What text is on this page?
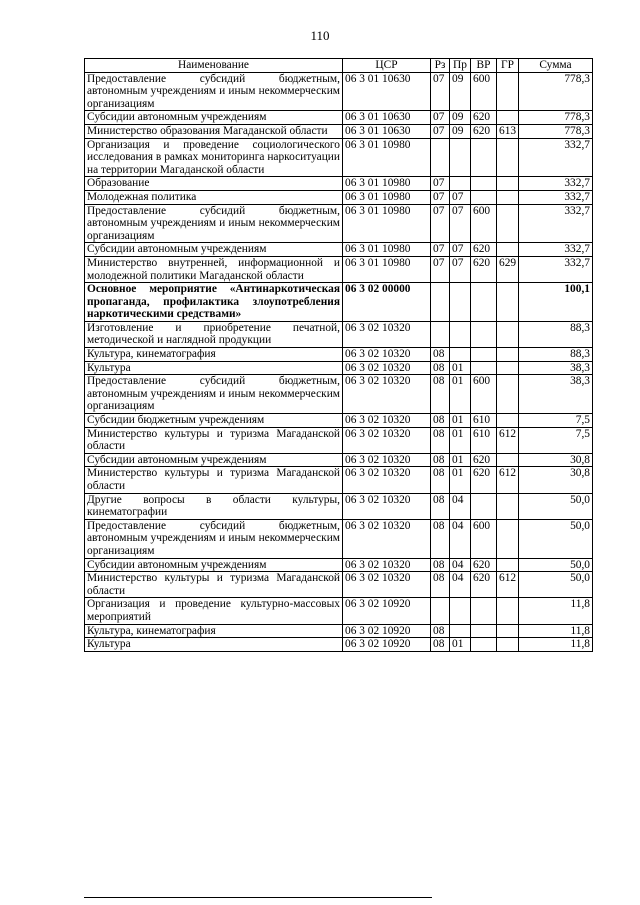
110
Наименование	ЦСР	Рз	Пр	ВР	ГР	Сумма
Предоставление субсидий бюджетным, автономным учреждениям и иным некоммерческим организациям	06 3 01 10630	07	09	600		778,3
Субсидии автономным учреждениям	06 3 01 10630	07	09	620		778,3
Министерство образования Магаданской области	06 3 01 10630	07	09	620	613	778,3
Организация и проведение социологического исследования в рамках мониторинга наркоситуации на территории Магаданской области	06 3 01 10980					332,7
Образование	06 3 01 10980	07				332,7
Молодежная политика	06 3 01 10980	07	07			332,7
Предоставление субсидий бюджетным, автономным учреждениям и иным некоммерческим организациям	06 3 01 10980	07	07	600		332,7
Субсидии автономным учреждениям	06 3 01 10980	07	07	620		332,7
Министерство внутренней, информационной и молодежной политики Магаданской области	06 3 01 10980	07	07	620	629	332,7
Основное мероприятие «Антинаркотическая пропаганда, профилактика злоупотребления наркотическими средствами»	06 3 02 00000					100,1
Изготовление и приобретение печатной, методической и наглядной продукции	06 3 02 10320					88,3
Культура, кинематография	06 3 02 10320	08				88,3
Культура	06 3 02 10320	08	01			38,3
Предоставление субсидий бюджетным, автономным учреждениям и иным некоммерческим организациям	06 3 02 10320	08	01	600		38,3
Субсидии бюджетным учреждениям	06 3 02 10320	08	01	610		7,5
Министерство культуры и туризма Магаданской области	06 3 02 10320	08	01	610	612	7,5
Субсидии автономным учреждениям	06 3 02 10320	08	01	620		30,8
Министерство культуры и туризма Магаданской области	06 3 02 10320	08	01	620	612	30,8
Другие вопросы в области культуры, кинематографии	06 3 02 10320	08	04			50,0
Предоставление субсидий бюджетным, автономным учреждениям и иным некоммерческим организациям	06 3 02 10320	08	04	600		50,0
Субсидии автономным учреждениям	06 3 02 10320	08	04	620		50,0
Министерство культуры и туризма Магаданской области	06 3 02 10320	08	04	620	612	50,0
Организация и проведение культурно-массовых мероприятий	06 3 02 10920					11,8
Культура, кинематография	06 3 02 10920	08				11,8
Культура	06 3 02 10920	08	01			11,8
